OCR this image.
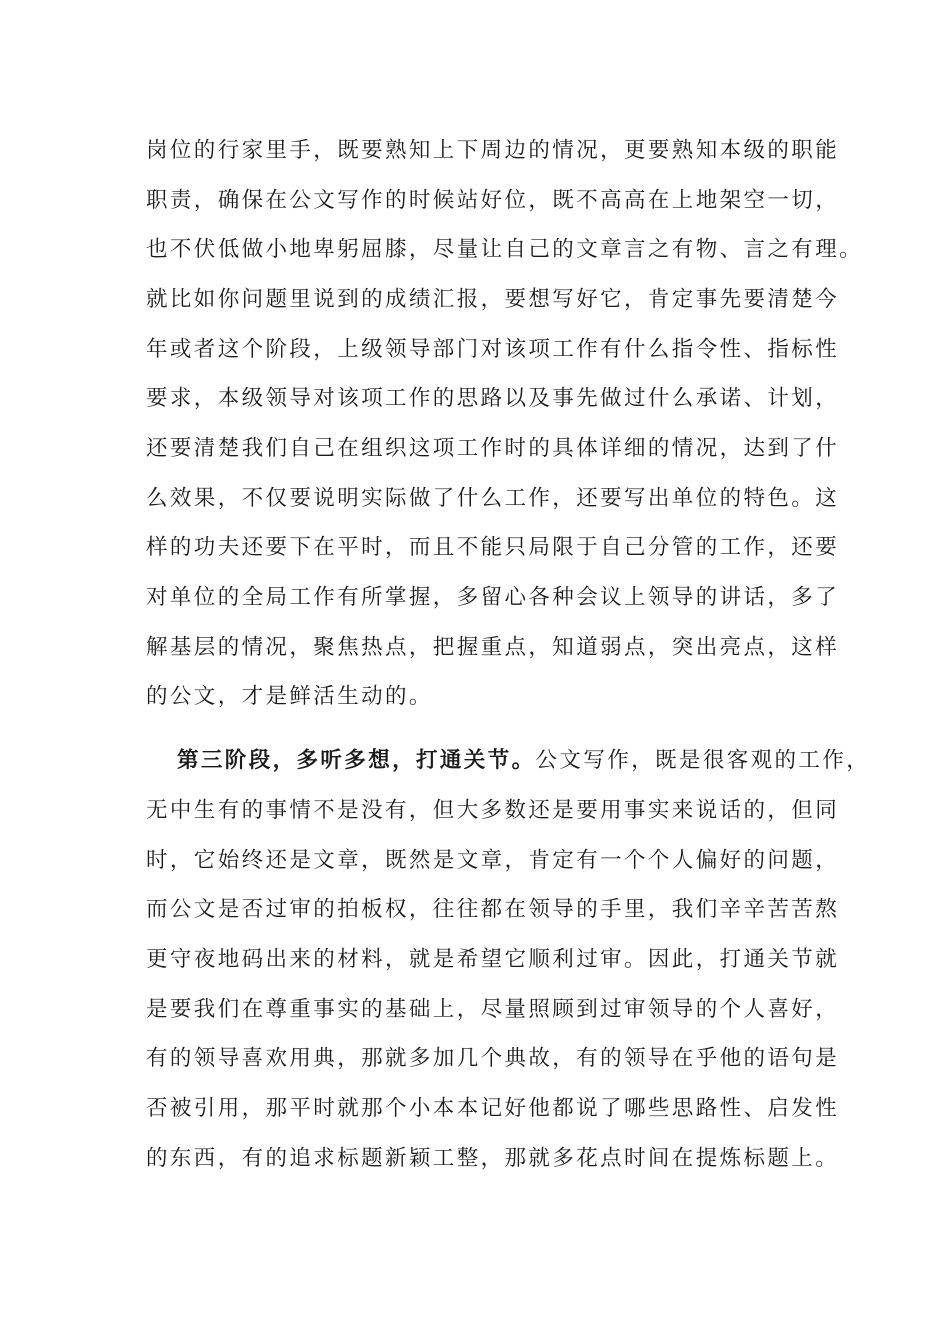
岗位的行家里手，既要熟知上下周边的情况，更要熟知本级的职能
职责，确保在公文写作的时候站好位，既不高高在上地架空一切，
也不伏低做小地卑躬屈膝，尽量让自己的文章言之有物、言之有理。
就比如你问题里说到的成绩汇报，要想写好它，肯定事先要清楚今
年或者这个阶段，上级领导部门对该项工作有什么指令性、指标性
要求，本级领导对该项工作的思路以及事先做过什么承诺、计划，
还要清楚我们自己在组织这项工作时的具体详细的情况，达到了什
么效果，不仅要说明实际做了什么工作，还要写出单位的特色。这
样的功夫还要下在平时，而且不能只局限于自己分管的工作，还要
对单位的全局工作有所掌握，多留心各种会议上领导的讲话，多了
解基层的情况，聚焦热点，把握重点，知道弱点，突出亮点，这样
的公文，才是鲜活生动的。
第三阶段，多听多想，打通关节。公文写作，既是很客观的工作，
无中生有的事情不是没有，但大多数还是要用事实来说话的，但同
时，它始终还是文章，既然是文章，肯定有一个个人偏好的问题，
而公文是否过审的拍板权，往往都在领导的手里，我们辛辛苦苦熬
更守夜地码出来的材料，就是希望它顺利过审。因此，打通关节就
是要我们在尊重事实的基础上，尽量照顾到过审领导的个人喜好，
有的领导喜欢用典，那就多加几个典故，有的领导在乎他的语句是
否被引用，那平时就那个小本本记好他都说了哪些思路性、启发性
的东西，有的追求标题新颖工整，那就多花点时间在提炼标题上。
